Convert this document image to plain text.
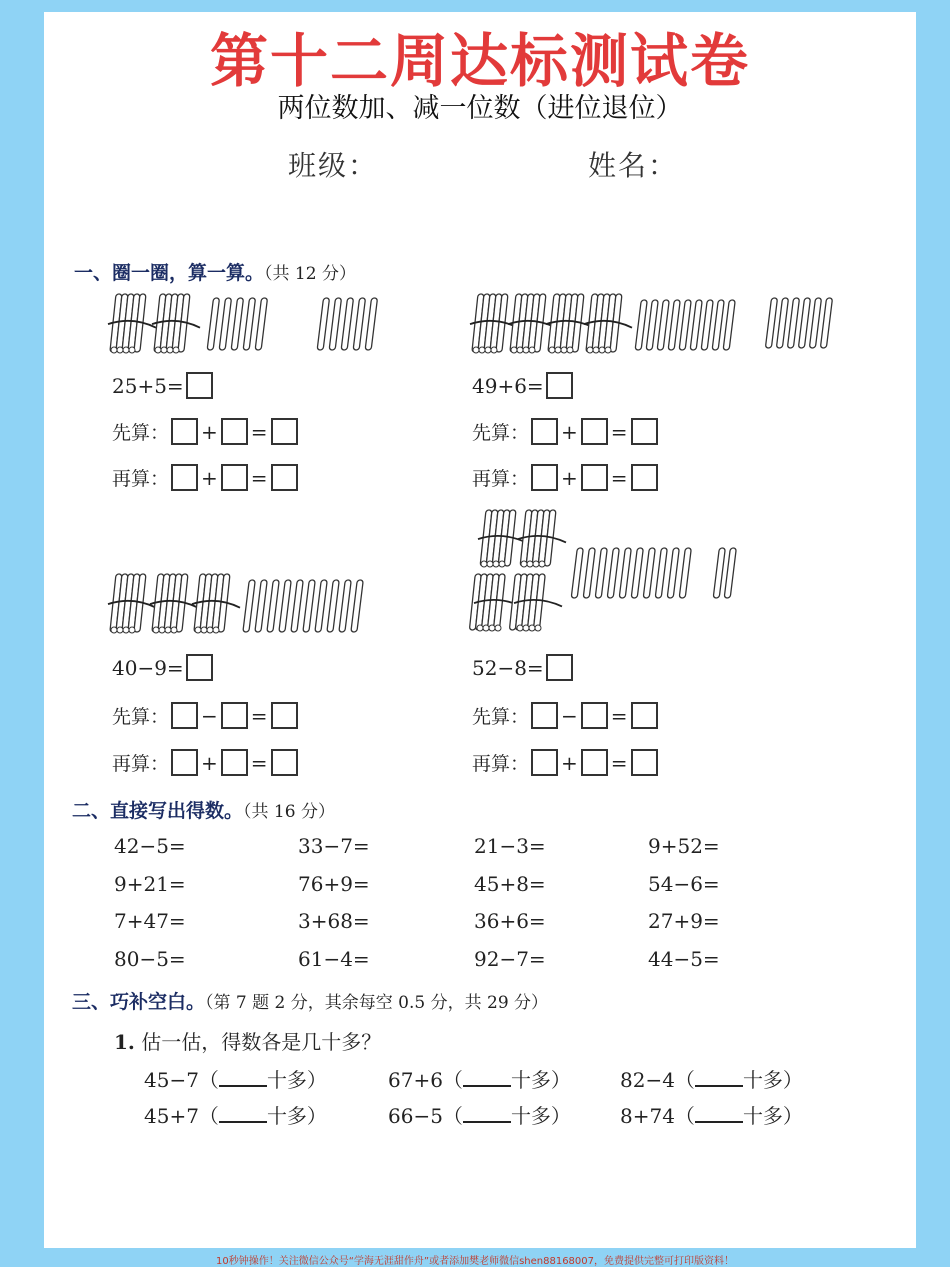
第十二周达标测试卷
两位数加、减一位数（进位退位）
班级：	姓名：
一、圈一圈，算一算。（共 12 分）
25+5=
先算： + =
再算： + =
49+6=
先算： + =
再算： + =
40−9=
先算： − =
再算： + =
52−8=
先算： − =
再算： + =
二、直接写出得数。（共 16 分）
42−5=	33−7=	21−3=	9+52=
9+21=	76+9=	45+8=	54−6=
7+47=	3+68=	36+6=	27+9=
80−5=	61−4=	92−7=	44−5=
三、巧补空白。（第 7 题 2 分，其余每空 0.5 分，共 29 分）
1. 估一估，得数各是几十多？
45−7（ 十多）	67+6（ 十多） 82−4（ 十多）
45+7（ 十多）	66−5（ 十多） 8+74（ 十多）
10秒钟操作！关注微信公众号“学海无涯甜作舟”或者添加樊老师微信shen88168007，免费提供完整可打印版资料！
